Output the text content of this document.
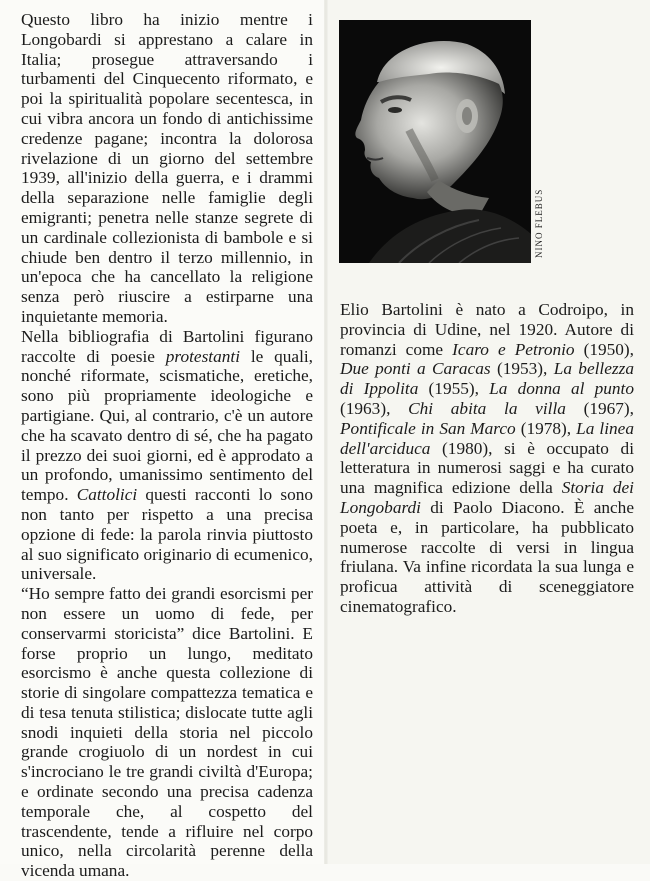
Questo libro ha inizio mentre i Longobardi si apprestano a calare in Italia; prosegue attraversando i turbamenti del Cinquecento riformato, e poi la spiritualità popolare secentesca, in cui vibra ancora un fondo di antichissime credenze pagane; incontra la dolorosa rivelazione di un giorno del settembre 1939, all'inizio della guerra, e i drammi della separazione nelle famiglie degli emigranti; penetra nelle stanze segrete di un cardinale collezionista di bambole e si chiude ben dentro il terzo millennio, in un'epoca che ha cancellato la religione senza però riuscire a estirparne una inquietante memoria.

Nella bibliografia di Bartolini figurano raccolte di poesie protestanti le quali, nonché riformate, scismatiche, eretiche, sono più propriamente ideologiche e partigiane. Qui, al contrario, c'è un autore che ha scavato dentro di sé, che ha pagato il prezzo dei suoi giorni, ed è approdato a un profondo, umanissimo sentimento del tempo. Cattolici questi racconti lo sono non tanto per rispetto a una precisa opzione di fede: la parola rinvia piuttosto al suo significato originario di ecumenico, universale.

“Ho sempre fatto dei grandi esorcismi per non essere un uomo di fede, per conservarmi storicista” dice Bartolini. E forse proprio un lungo, meditato esorcismo è anche questa collezione di storie di singolare compattezza tematica e di tesa tenuta stilistica; dislocate tutte agli snodi inquieti della storia nel piccolo grande crogiuolo di un nordest in cui s'incrociano le tre grandi civiltà d'Europa; e ordinate secondo una precisa cadenza temporale che, al cospetto del trascendente, tende a rifluire nel corpo unico, nella circolarità perenne della vicenda umana.

NINO FLEBUS

Elio Bartolini è nato a Codroipo, in provincia di Udine, nel 1920. Autore di romanzi come Icaro e Petronio (1950), Due ponti a Caracas (1953), La bellezza di Ippolita (1955), La donna al punto (1963), Chi abita la villa (1967), Pontificale in San Marco (1978), La linea dell'arciduca (1980), si è occupato di letteratura in numerosi saggi e ha curato una magnifica edizione della Storia dei Longobardi di Paolo Diacono. È anche poeta e, in particolare, ha pubblicato numerose raccolte di versi in lingua friulana. Va infine ricordata la sua lunga e proficua attività di sceneggiatore cinematografico.
